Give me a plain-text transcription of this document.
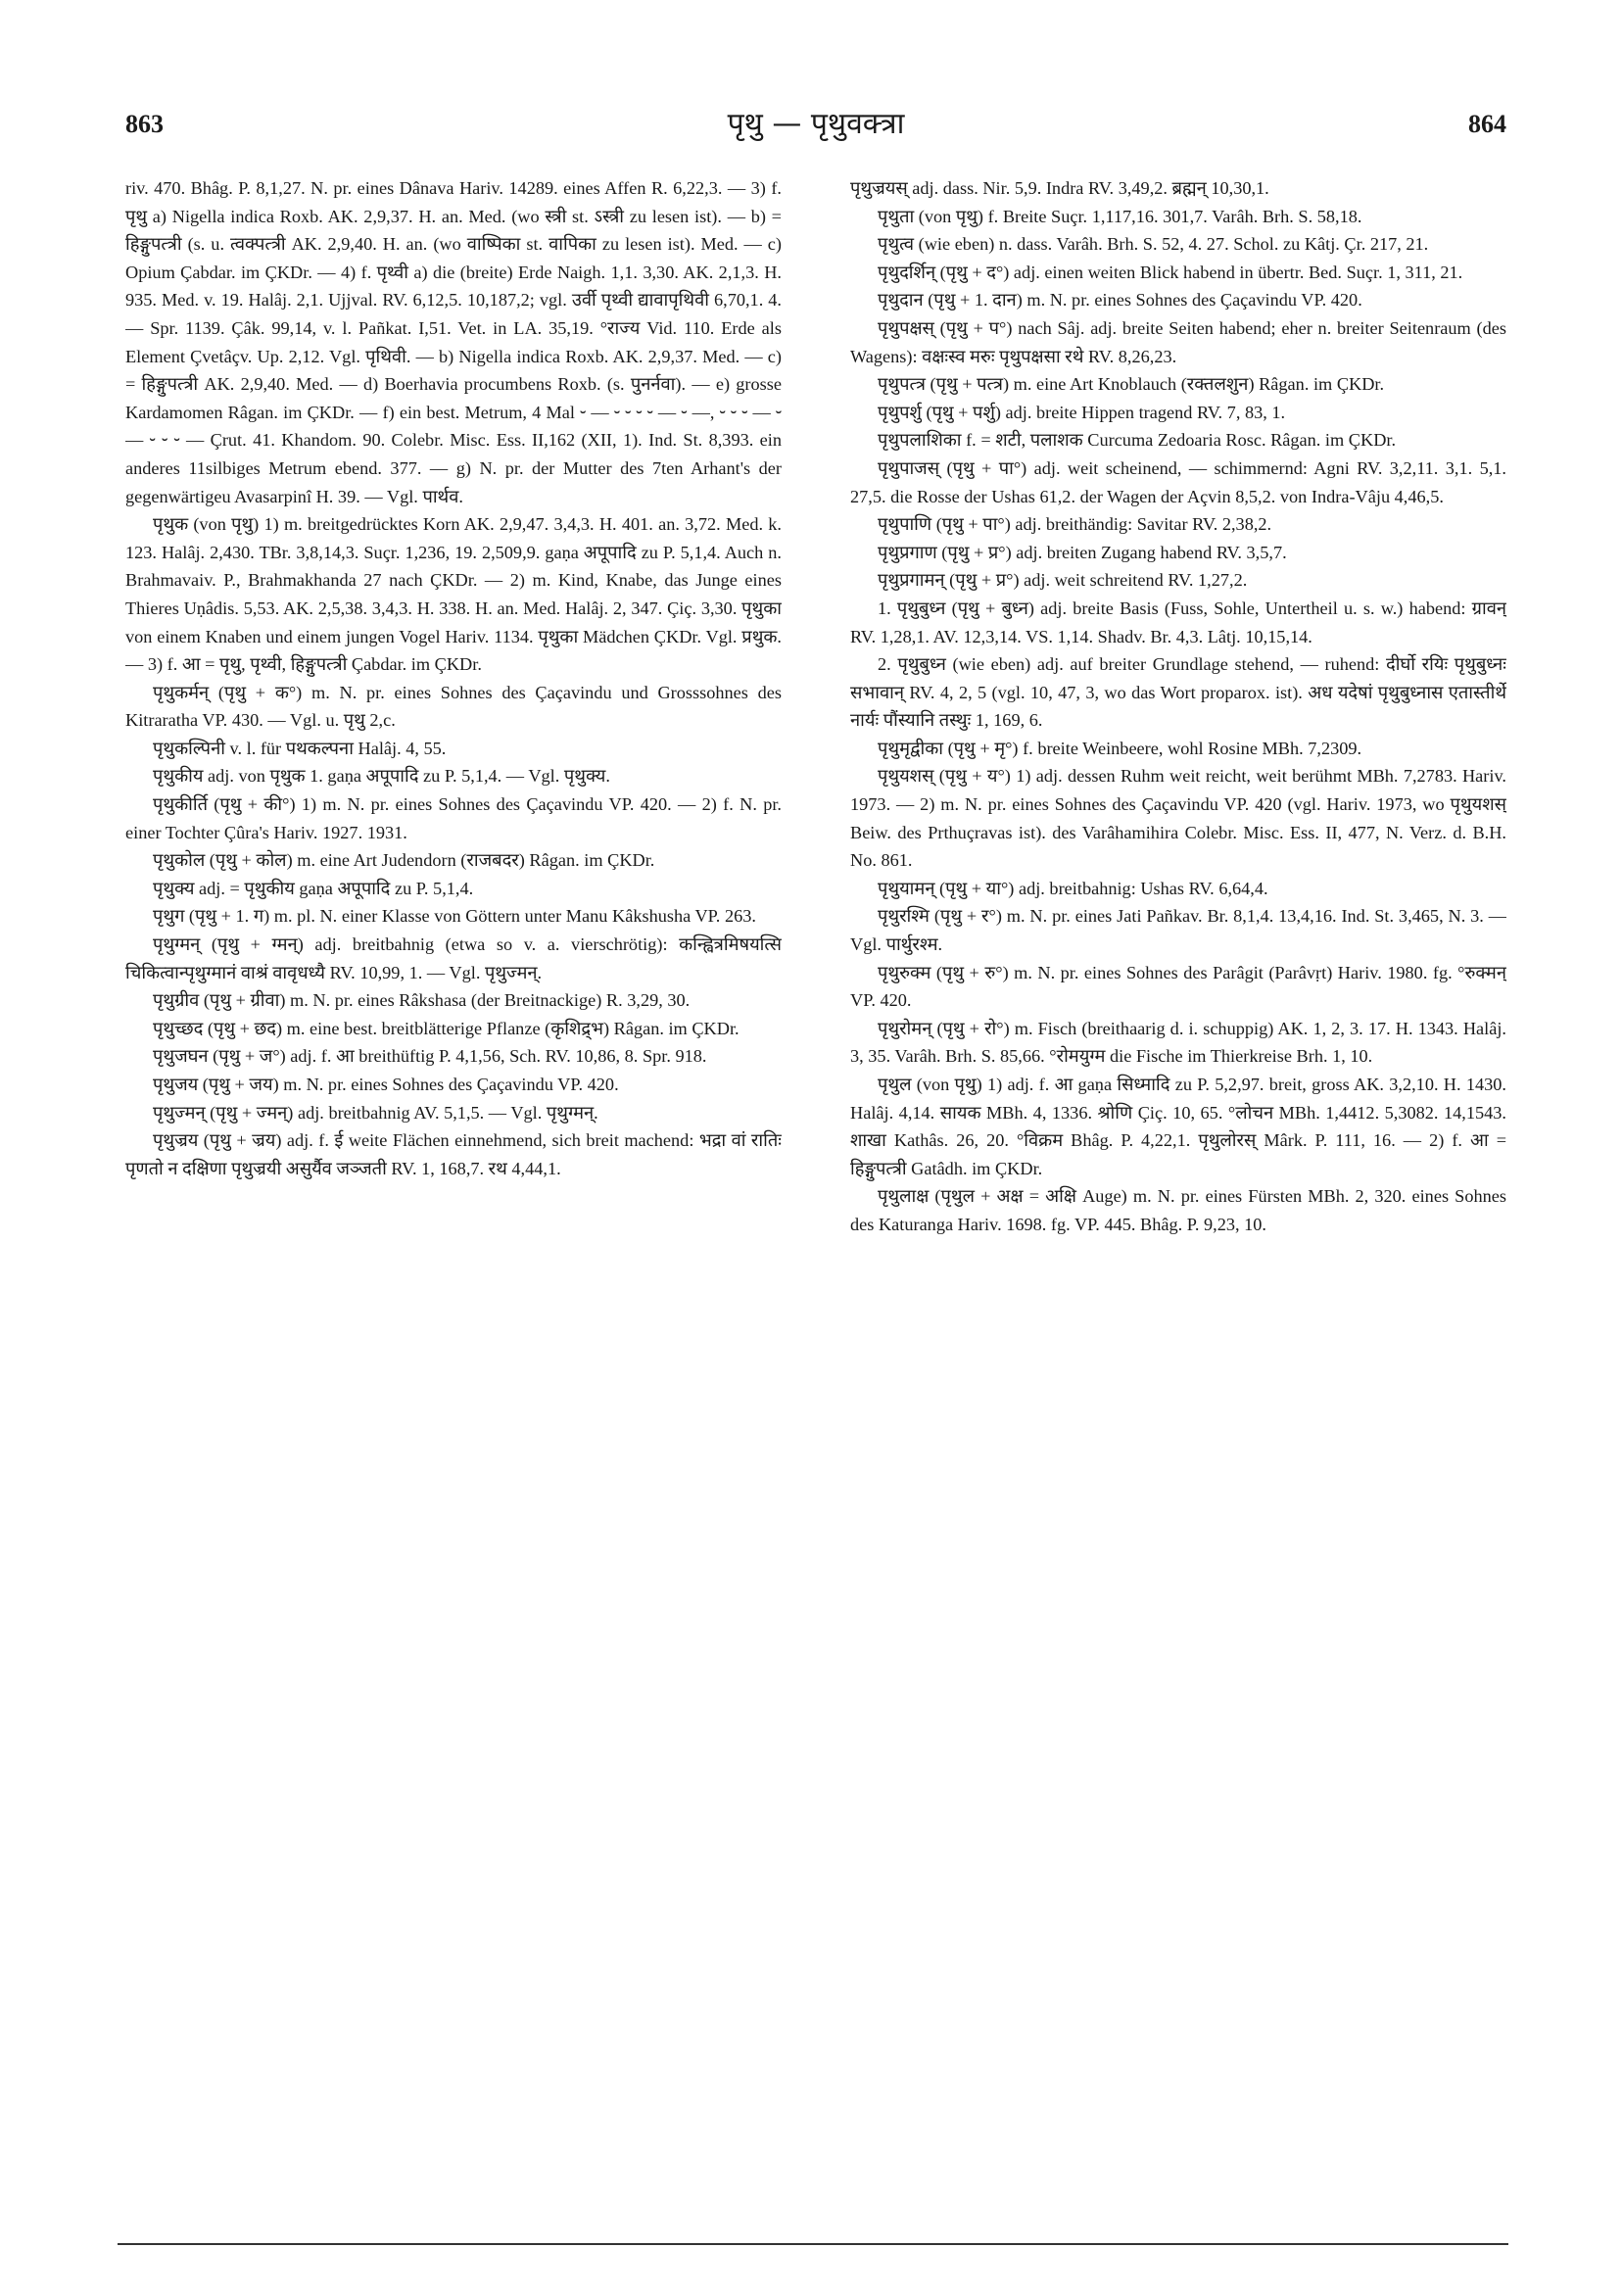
863	पृथु — पृथुवक्त्रा	864

riv. 470. Bhâg. P. 8,1,27. N. pr. eines Dânava Hariv. 14289. eines Affen R. 6,22,3. — 3) f. पृथु a) Nigella indica Roxb. AK. 2,9,37. H. an. Med. (wo स्त्री st. ऽस्त्री zu lesen ist). — b) = हिङ्गुपत्त्री (s. u. त्वक्पत्त्री AK. 2,9,40. H. an. (wo वाष्पिका st. वापिका zu lesen ist). Med. — c) Opium Çabdar. im ÇKDr. — 4) f. पृथ्वी a) die (breite) Erde Naigh. 1,1. 3,30. AK. 2,1,3. H. 935. Med. v. 19. Halâj. 2,1. Ujjval. RV. 6,12,5. 10,187,2; vgl. उर्वी पृथ्वी द्यावापृथिवी 6,70,1. 4. — Spr. 1139. Çâk. 99,14, v. l. Pañkat. I,51. Vet. in LA. 35,19. °राज्य Vid. 110. Erde als Element Çvetâçv. Up. 2,12. Vgl. पृथिवी. — b) Nigella indica Roxb. AK. 2,9,37. Med. — c) = हिङ्गुपत्त्री AK. 2,9,40. Med. — d) Boerhavia procumbens Roxb. (s. पुनर्नवा). — e) grosse Kardamomen Râgan. im ÇKDr. — f) ein best. Metrum, 4 Mal ⏑ — ⏑ ⏑ ⏑ ⏑ — ⏑ —, ⏑ ⏑ ⏑ — ⏑ — ⏑ ⏑ ⏑ — Çrut. 41. Khandom. 90. Colebr. Misc. Ess. II,162 (XII, 1). Ind. St. 8,393. ein anderes 11silbiges Metrum ebend. 377. — g) N. pr. der Mutter des 7ten Arhant's der gegenwärtigeu Avasarpinî H. 39. — Vgl. पार्थव.

पृथुक (von पृथु) 1) m. breitgedrücktes Korn AK. 2,9,47. 3,4,3. H. 401. an. 3,72. Med. k. 123. Halâj. 2,430. TBr. 3,8,14,3. Suçr. 1,236, 19. 2,509,9. gaṇa अपूपादि zu P. 5,1,4. Auch n. Brahmavaiv. P., Brahmakhanda 27 nach ÇKDr. — 2) m. Kind, Knabe, das Junge eines Thieres Uṇâdis. 5,53. AK. 2,5,38. 3,4,3. H. 338. H. an. Med. Halâj. 2, 347. Çiç. 3,30. पृथुका von einem Knaben und einem jungen Vogel Hariv. 1134. पृथुका Mädchen ÇKDr. Vgl. प्रथुक. — 3) f. आ = पृथु, पृथ्वी, हिङ्गुपत्त्री Çabdar. im ÇKDr.

पृथुकर्मन् (पृथु + क°) m. N. pr. eines Sohnes des Çaçavindu und Grosssohnes des Kitraratha VP. 430. — Vgl. u. पृथु 2,c.

पृथुकल्पिनी v. l. für पथकल्पना Halâj. 4, 55.

पृथुकीय adj. von पृथुक 1. gaṇa अपूपादि zu P. 5,1,4. — Vgl. पृथुक्य.

पृथुकीर्ति (पृथु + की°) 1) m. N. pr. eines Sohnes des Çaçavindu VP. 420. — 2) f. N. pr. einer Tochter Çûra's Hariv. 1927. 1931.

पृथुकोल (पृथु + कोल) m. eine Art Judendorn (राजबदर) Râgan. im ÇKDr.

पृथुक्य adj. = पृथुकीय gaṇa अपूपादि zu P. 5,1,4.

पृथुग (पृथु + 1. ग) m. pl. N. einer Klasse von Göttern unter Manu Kâkshusha VP. 263.

पृथुग्मन् (पृथु + ग्मन्) adj. breitbahnig (etwa so v. a. vierschrötig): कन्ह्वित्रमिषयत्सि चिकित्वान्पृथुग्मानं वाश्रं वावृधध्यै RV. 10,99, 1. — Vgl. पृथुज्मन्.

पृथुग्रीव (पृथु + ग्रीवा) m. N. pr. eines Râkshasa (der Breitnackige) R. 3,29, 30.

पृथुच्छद (पृथु + छद) m. eine best. breitblätterige Pflanze (कृशिद्र्भ) Râgan. im ÇKDr.

पृथुजघन (पृथु + ज°) adj. f. आ breithüftig P. 4,1,56, Sch. RV. 10,86, 8. Spr. 918.

पृथुजय (पृथु + जय) m. N. pr. eines Sohnes des Çaçavindu VP. 420.

पृथुज्मन् (पृथु + ज्मन्) adj. breitbahnig AV. 5,1,5. — Vgl. पृथुग्मन्.

पृथुज्रय (पृथु + ज्रय) adj. f. ई weite Flächen einnehmend, sich breit machend: भद्रा वां रातिः पृणतो न दक्षिणा पृथुज्रयी असुर्यैव जञ्जती RV. 1, 168,7. रथ 4,44,1.

पृथुज्रयस् adj. dass. Nir. 5,9. Indra RV. 3,49,2. ब्रह्मन् 10,30,1.

पृथुता (von पृथु) f. Breite Suçr. 1,117,16. 301,7. Varâh. Brh. S. 58,18.

पृथुत्व (wie eben) n. dass. Varâh. Brh. S. 52, 4. 27. Schol. zu Kâtj. Çr. 217, 21.

पृथुदर्शिन् (पृथु + द°) adj. einen weiten Blick habend in übertr. Bed. Suçr. 1, 311, 21.

पृथुदान (पृथु + 1. दान) m. N. pr. eines Sohnes des Çaçavindu VP. 420.

पृथुपक्षस् (पृथु + प°) nach Sâj. adj. breite Seiten habend; eher n. breiter Seitenraum (des Wagens): वक्षःस्व मरुः पृथुपक्षसा रथे RV. 8,26,23.

पृथुपत्त्र (पृथु + पत्त्र) m. eine Art Knoblauch (रक्तलशुन) Râgan. im ÇKDr.

पृथुपर्शु (पृथु + पर्शु) adj. breite Hippen tragend RV. 7, 83, 1.

पृथुपलाशिका f. = शटी, पलाशक Curcuma Zedoaria Rosc. Râgan. im ÇKDr.

पृथुपाजस् (पृथु + पा°) adj. weit scheinend, — schimmernd: Agni RV. 3,2,11. 3,1. 5,1. 27,5. die Rosse der Ushas 61,2. der Wagen der Açvin 8,5,2. von Indra-Vâju 4,46,5.

पृथुपाणि (पृथु + पा°) adj. breithändig: Savitar RV. 2,38,2.

पृथुप्रगाण (पृथु + प्र°) adj. breiten Zugang habend RV. 3,5,7.

पृथुप्रगामन् (पृथु + प्र°) adj. weit schreitend RV. 1,27,2.

1. पृथुबुध्न (पृथु + बुध्न) adj. breite Basis (Fuss, Sohle, Untertheil u. s. w.) habend: ग्रावन् RV. 1,28,1. AV. 12,3,14. VS. 1,14. Shadv. Br. 4,3. Lâtj. 10,15,14.

2. पृथुबुध्न (wie eben) adj. auf breiter Grundlage stehend, — ruhend: दीर्घो रयिः पृथुबुध्नः सभावान् RV. 4, 2, 5 (vgl. 10, 47, 3, wo das Wort proparox. ist). अध यदेषां पृथुबुध्नास एतास्तीर्थे नार्यः पौंस्यानि तस्थुः 1, 169, 6.

पृथुमृद्वीका (पृथु + मृ°) f. breite Weinbeere, wohl Rosine MBh. 7,2309.

पृथुयशस् (पृथु + य°) 1) adj. dessen Ruhm weit reicht, weit berühmt MBh. 7,2783. Hariv. 1973. — 2) m. N. pr. eines Sohnes des Çaçavindu VP. 420 (vgl. Hariv. 1973, wo पृथुयशस् Beiw. des Prthuçravas ist). des Varâhamihira Colebr. Misc. Ess. II, 477, N. Verz. d. B.H. No. 861.

पृथुयामन् (पृथु + या°) adj. breitbahnig: Ushas RV. 6,64,4.

पृथुरश्मि (पृथु + र°) m. N. pr. eines Jati Pañkav. Br. 8,1,4. 13,4,16. Ind. St. 3,465, N. 3. — Vgl. पार्थुरश्म.

पृथुरुक्म (पृथु + रु°) m. N. pr. eines Sohnes des Parâgit (Parâvṛt) Hariv. 1980. fg. °रुक्मन् VP. 420.

पृथुरोमन् (पृथु + रो°) m. Fisch (breithaarig d. i. schuppig) AK. 1, 2, 3. 17. H. 1343. Halâj. 3, 35. Varâh. Brh. S. 85,66. °रोमयुग्म die Fische im Thierkreise Brh. 1, 10.

पृथुल (von पृथु) 1) adj. f. आ gaṇa सिध्मादि zu P. 5,2,97. breit, gross AK. 3,2,10. H. 1430. Halâj. 4,14. सायक MBh. 4, 1336. श्रोणि Çiç. 10, 65. °लोचन MBh. 1,4412. 5,3082. 14,1543. शाखा Kathâs. 26, 20. °विक्रम Bhâg. P. 4,22,1. पृथुलोरस् Mârk. P. 111, 16. — 2) f. आ = हिङ्गुपत्त्री Gatâdh. im ÇKDr.

पृथुलाक्ष (पृथुल + अक्ष = अक्षि Auge) m. N. pr. eines Fürsten MBh. 2, 320. eines Sohnes des Katuranga Hariv. 1698. fg. VP. 445. Bhâg. P. 9,23, 10.
